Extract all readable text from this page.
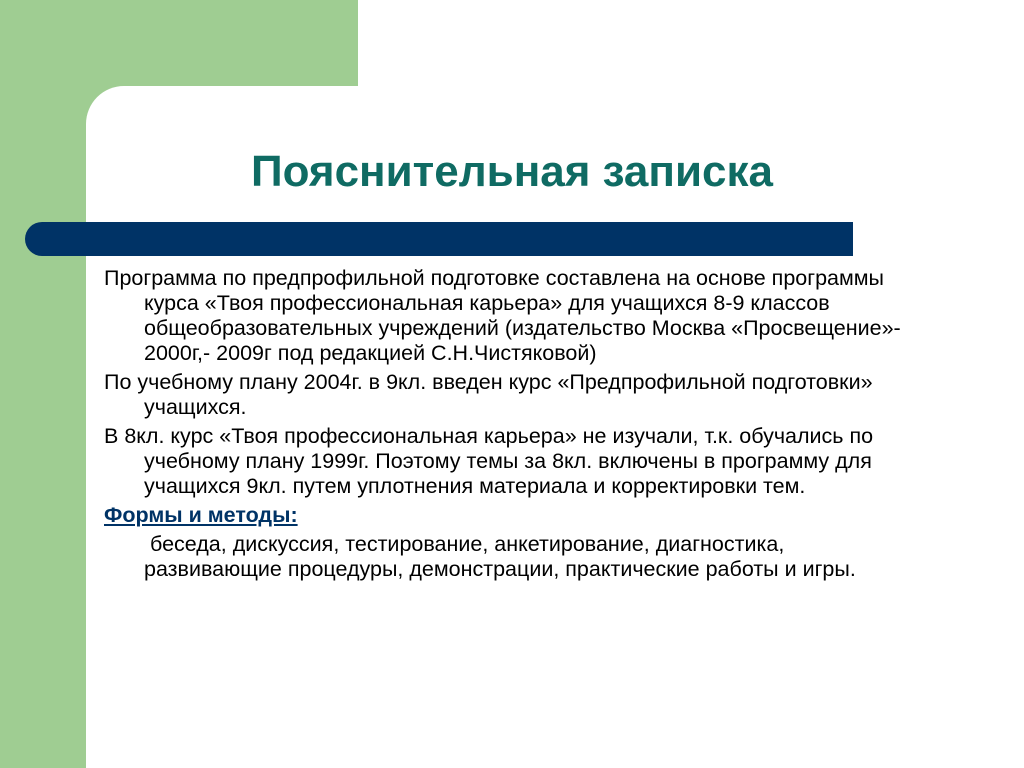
Пояснительная записка

Программа по предпрофильной подготовке составлена на основе программы курса «Твоя профессиональная карьера» для учащихся 8-9 классов общеобразовательных учреждений (издательство Москва «Просвещение»- 2000г,- 2009г под редакцией С.Н.Чистяковой)

По учебному плану 2004г. в 9кл. введен курс «Предпрофильной подготовки» учащихся.

В 8кл. курс «Твоя профессиональная карьера» не изучали, т.к. обучались по учебному плану 1999г. Поэтому темы за 8кл. включены в программу для учащихся 9кл. путем уплотнения материала и корректировки тем.

Формы и методы:

беседа, дискуссия, тестирование, анкетирование, диагностика, развивающие процедуры, демонстрации, практические работы и игры.
